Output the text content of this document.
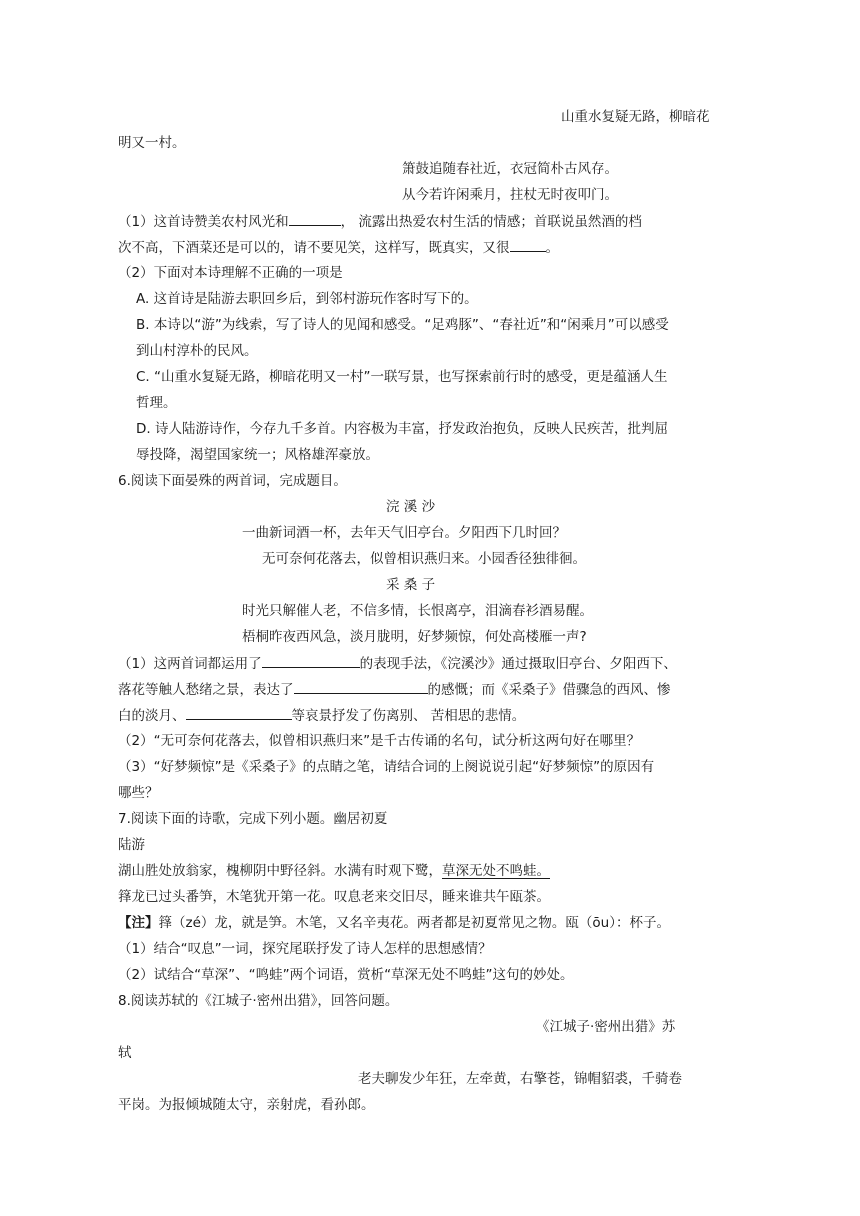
山重水复疑无路，柳暗花
明又一村。
箫鼓追随春社近，衣冠简朴古风存。
从今若许闲乘月，拄杖无时夜叩门。
（1）这首诗赞美农村风光和	， 流露出热爱农村生活的情感；首联说虽然酒的档
次不高，下酒菜还是可以的，请不要见笑，这样写，既真实，又很	。
（2）下面对本诗理解不正确的一项是
A. 这首诗是陆游去职回乡后，到邻村游玩作客时写下的。
B. 本诗以“游”为线索，写了诗人的见闻和感受。“足鸡豚”、“春社近”和“闲乘月”可以感受
到山村淳朴的民风。
C. “山重水复疑无路，柳暗花明又一村”一联写景，也写探索前行时的感受，更是蕴涵人生
哲理。
D. 诗人陆游诗作，今存九千多首。内容极为丰富，抒发政治抱负，反映人民疾苦，批判屈
辱投降，渴望国家统一；风格雄浑豪放。
6.阅读下面晏殊的两首词，完成题目。
浣 溪 沙
一曲新词酒一杯，去年天气旧亭台。夕阳西下几时回？
无可奈何花落去，似曾相识燕归来。小园香径独徘徊。
采 桑 子
时光只解催人老，不信多情，长恨离亭，泪滴春衫酒易醒。
梧桐昨夜西风急，淡月胧明，好梦频惊，何处高楼雁一声?
（1）这两首词都运用了	的表现手法，《浣溪沙》通过摄取旧亭台、夕阳西下、
落花等触人愁绪之景，表达了	的感慨；而《采桑子》借骤急的西风、惨
白的淡月、	等哀景抒发了伤离别、 苦相思的悲情。
（2）“无可奈何花落去，似曾相识燕归来”是千古传诵的名句，试分析这两句好在哪里？
（3）“好梦频惊”是《采桑子》的点睛之笔，请结合词的上阕说说引起“好梦频惊”的原因有
哪些？
7.阅读下面的诗歌，完成下列小题。幽居初夏
陆游
湖山胜处放翁家，槐柳阴中野径斜。水满有时观下鹭，草深无处不鸣蛙。
箨龙已过头番笋，木笔犹开第一花。叹息老来交旧尽，睡来谁共午瓯茶。
【注】箨（zé）龙，就是笋。木笔，又名辛夷花。两者都是初夏常见之物。瓯（ōu）：杯子。
（1）结合“叹息”一词，探究尾联抒发了诗人怎样的思想感情？
（2）试结合“草深”、“鸣蛙”两个词语，赏析“草深无处不鸣蛙”这句的妙处。
8.阅读苏轼的《江城子·密州出猎》，回答问题。
《江城子·密州出猎》苏
轼
老夫聊发少年狂，左牵黄，右擎苍，锦帽貂裘，千骑卷
平岗。为报倾城随太守，亲射虎，看孙郎。
